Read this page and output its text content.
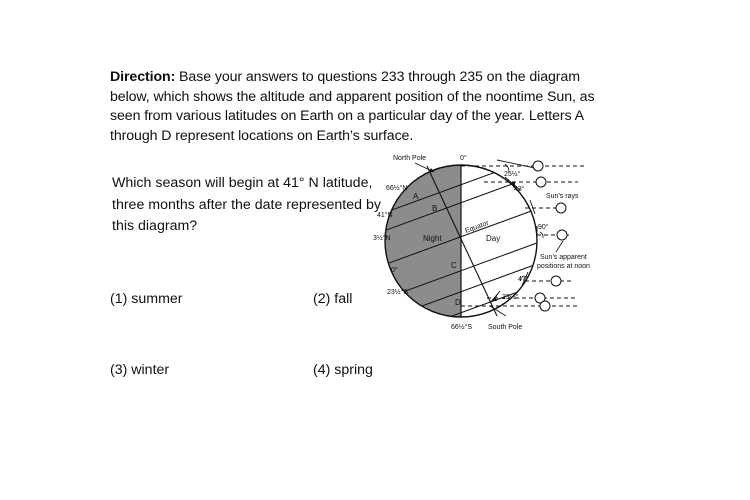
Direction: Base your answers to questions 233 through 235 on the diagram below, which shows the altitude and apparent position of the noontime Sun, as seen from various latitudes on Earth on a particular day of the year. Letters A through D represent locations on Earth’s surface.
Which season will begin at 41° N latitude, three months after the date represented by this diagram?
(1) summer	(2) fall
(3) winter	(4) spring
North Pole	0°
66½°N
41°N
3½°N
0°
23½°S
66½°S South Pole
Night	Day
Equator
A
B
C
D
25½°
43°
Sun's rays
90°
Sun's apparent
positions at noon
47°
23½°
